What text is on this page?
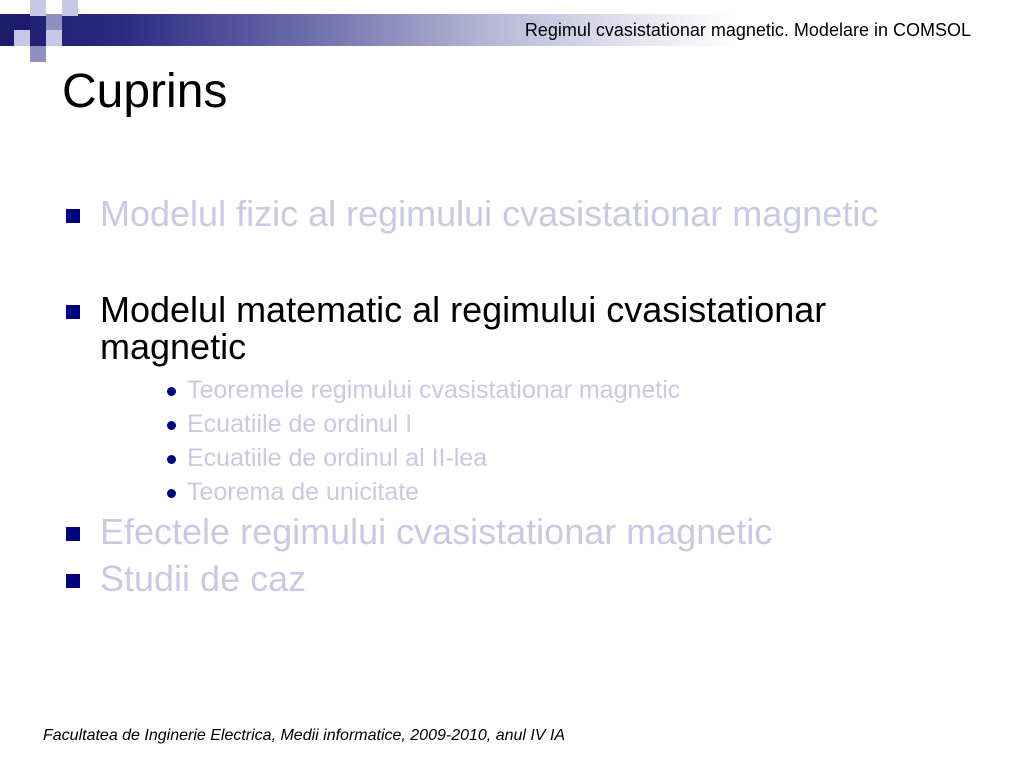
Regimul cvasistationar magnetic. Modelare in COMSOL
Cuprins
Modelul fizic al regimului cvasistationar magnetic
Modelul matematic al regimului cvasistationar magnetic
Teoremele regimului cvasistationar magnetic
Ecuatiile de ordinul I
Ecuatiile de ordinul al II-lea
Teorema de unicitate
Efectele regimului cvasistationar magnetic
Studii de caz
Facultatea de Inginerie Electrica, Medii informatice, 2009-2010, anul IV IA
